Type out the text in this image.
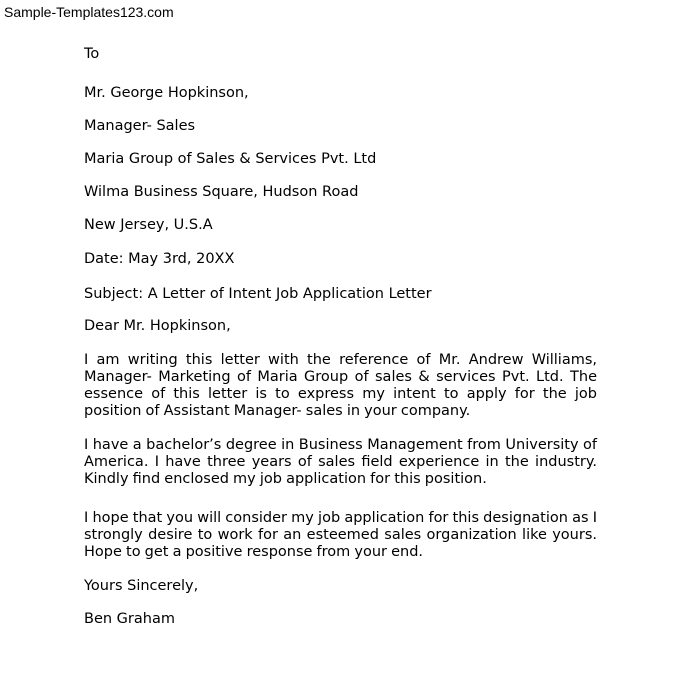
Sample-Templates123.com
To
Mr. George Hopkinson,
Manager- Sales
Maria Group of Sales & Services Pvt. Ltd
Wilma Business Square, Hudson Road
New Jersey, U.S.A
Date: May 3rd, 20XX
Subject: A Letter of Intent Job Application Letter
Dear Mr. Hopkinson,
I am writing this letter with the reference of Mr. Andrew Williams, Manager- Marketing of Maria Group of sales & services Pvt. Ltd. The essence of this letter is to express my intent to apply for the job position of Assistant Manager- sales in your company.
I have a bachelor’s degree in Business Management from University of America. I have three years of sales field experience in the industry. Kindly find enclosed my job application for this position.
I hope that you will consider my job application for this designation as I strongly desire to work for an esteemed sales organization like yours. Hope to get a positive response from your end.
Yours Sincerely,
Ben Graham
